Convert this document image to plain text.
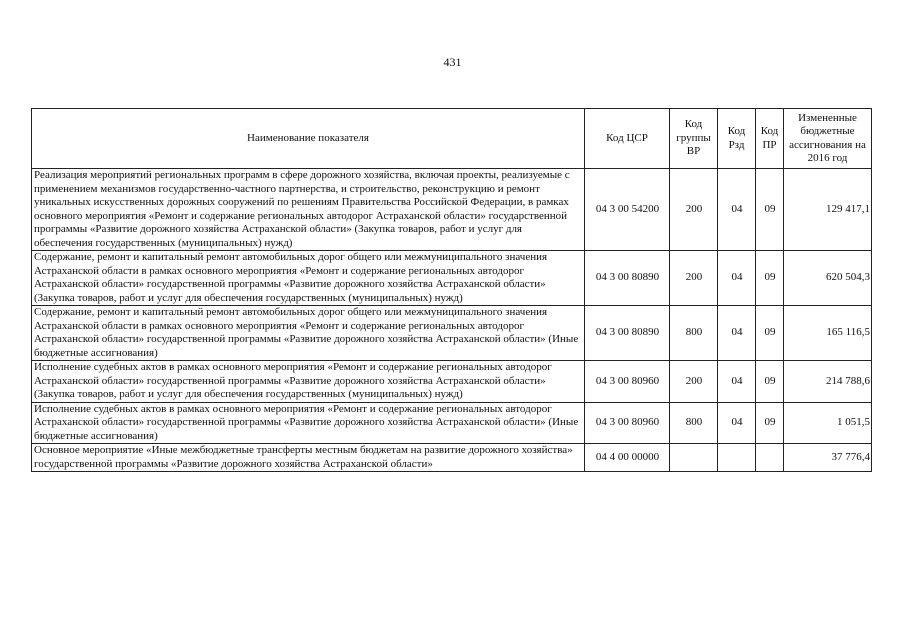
431
Наименование показателя	Код ЦСР	Код группы ВР	Код Рзд	Код ПР	Измененные бюджетные ассигнования на 2016 год
Реализация мероприятий региональных программ в сфере дорожного хозяйства, включая проекты, реализуемые с применением механизмов государственно-частного партнерства, и строительство, реконструкцию и ремонт уникальных искусственных дорожных сооружений по решениям Правительства Российской Федерации, в рамках основного мероприятия «Ремонт и содержание региональных автодорог Астраханской области» государственной программы «Развитие дорожного хозяйства Астраханской области» (Закупка товаров, работ и услуг для обеспечения государственных (муниципальных) нужд)	04 3 00 54200	200	04	09	129 417,1
Содержание, ремонт и капитальный ремонт автомобильных дорог общего или межмуниципального значения Астраханской области в рамках основного мероприятия «Ремонт и содержание региональных автодорог Астраханской области» государственной программы «Развитие дорожного хозяйства Астраханской области» (Закупка товаров, работ и услуг для обеспечения государственных (муниципальных) нужд)	04 3 00 80890	200	04	09	620 504,3
Содержание, ремонт и капитальный ремонт автомобильных дорог общего или межмуниципального значения Астраханской области в рамках основного мероприятия «Ремонт и содержание региональных автодорог Астраханской области» государственной программы «Развитие дорожного хозяйства Астраханской области» (Иные бюджетные ассигнования)	04 3 00 80890	800	04	09	165 116,5
Исполнение судебных актов в рамках основного мероприятия «Ремонт и содержание региональных автодорог Астраханской области» государственной программы «Развитие дорожного хозяйства Астраханской области» (Закупка товаров, работ и услуг для обеспечения государственных (муниципальных) нужд)	04 3 00 80960	200	04	09	214 788,6
Исполнение судебных актов в рамках основного мероприятия «Ремонт и содержание региональных автодорог Астраханской области» государственной программы «Развитие дорожного хозяйства Астраханской области» (Иные бюджетные ассигнования)	04 3 00 80960	800	04	09	1 051,5
Основное мероприятие «Иные межбюджетные трансферты местным бюджетам на развитие дорожного хозяйства» государственной программы «Развитие дорожного хозяйства Астраханской области»	04 4 00 00000				37 776,4
